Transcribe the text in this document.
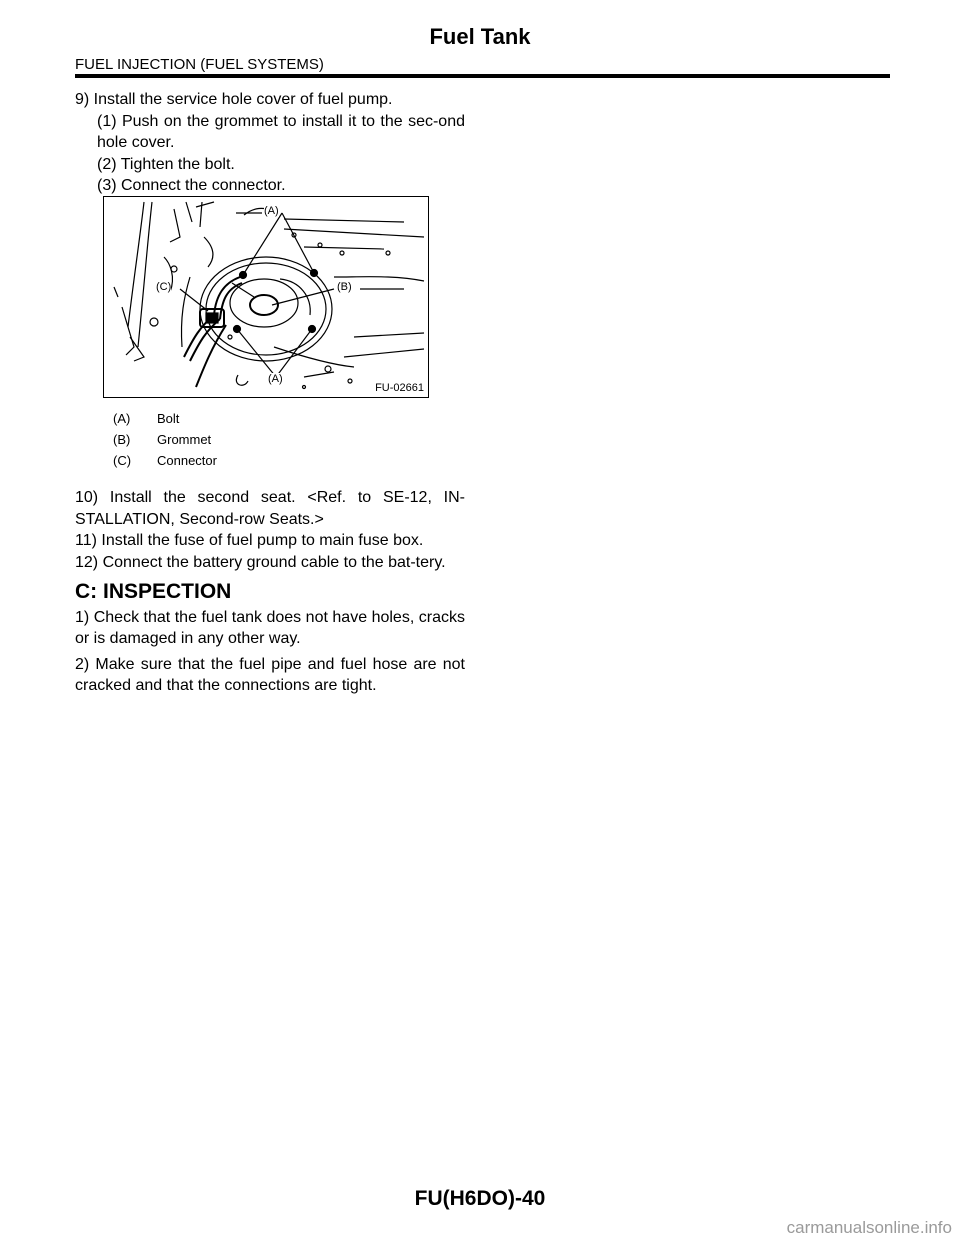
Fuel Tank
FUEL INJECTION (FUEL SYSTEMS)

9) Install the service hole cover of fuel pump.

(1) Push on the grommet to install it to the sec-ond hole cover.

(2) Tighten the bolt.

(3) Connect the connector.

(A)
(B)
(C)
(A)
FU-02661
(A)	Bolt
(B)	Grommet
(C)	Connector

10) Install the second seat. <Ref. to SE-12, IN-STALLATION, Second-row Seats.>

11) Install the fuse of fuel pump to main fuse box.

12) Connect the battery ground cable to the bat-tery.

C: INSPECTION

1) Check that the fuel tank does not have holes, cracks or is damaged in any other way.

2) Make sure that the fuel pipe and fuel hose are not cracked and that the connections are tight.

FU(H6DO)-40
carmanualsonline.info
